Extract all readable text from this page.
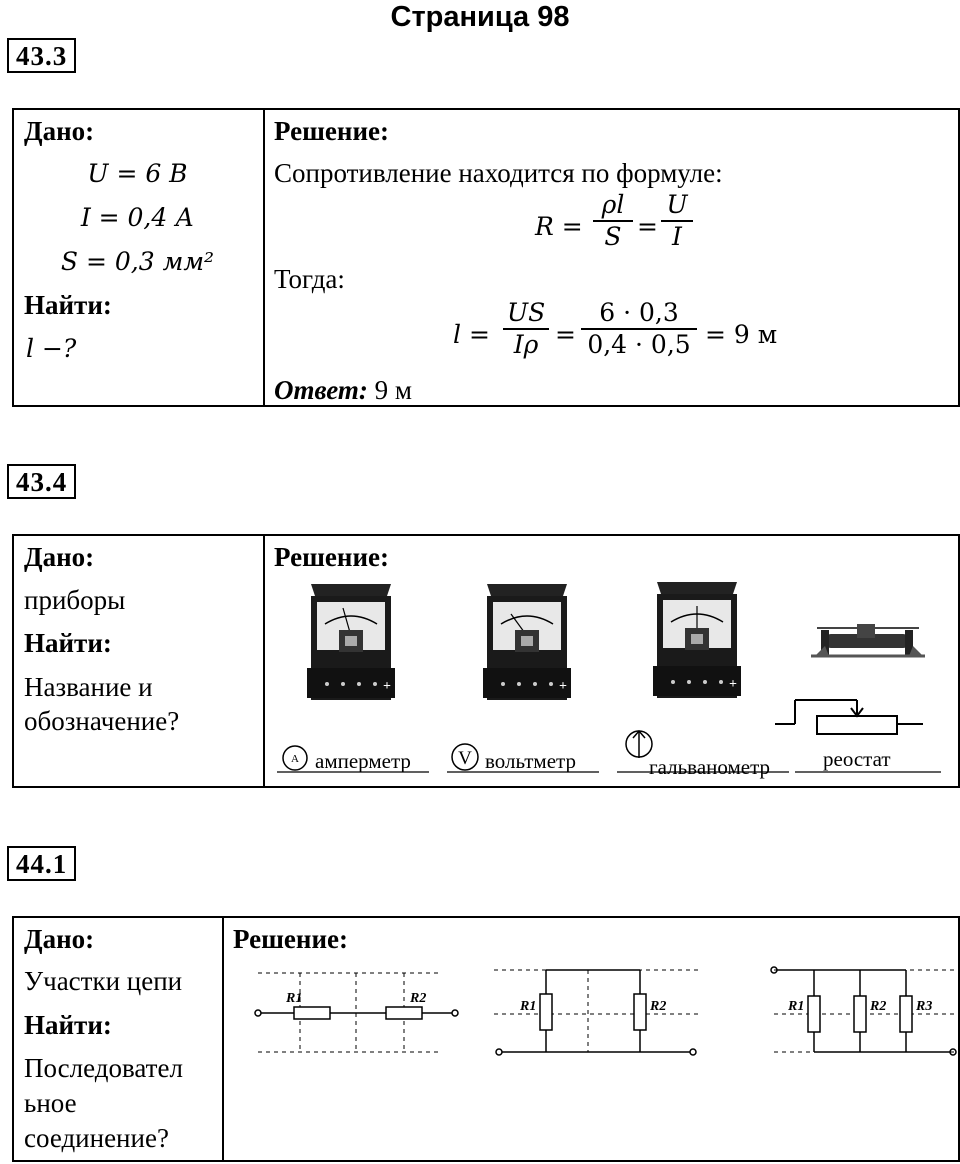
Страница 98
43.3
Дано:
U = 6 В
I = 0,4 А
S = 0,3 мм²
Найти:
l −?
Решение:
Сопротивление находится по формуле:
$R = \frac{\rho l}{S} = \frac{U}{I}$
Тогда:
$l = \frac{US}{I\rho} = \frac{6 \cdot 0,3}{0,4 \cdot 0,5} = 9$ м
Ответ: 9 м
43.4
Дано:
приборы
Найти:
Название и
обозначение?
Решение:
+	+	+
A	V
амперметр	вольтметр	гальванометр	реостат
44.1
Дано:
Участки цепи
Найти:
Последовател
ьное
соединение?
Решение:
R1	R2
R1	R2	R1	R2 R3
